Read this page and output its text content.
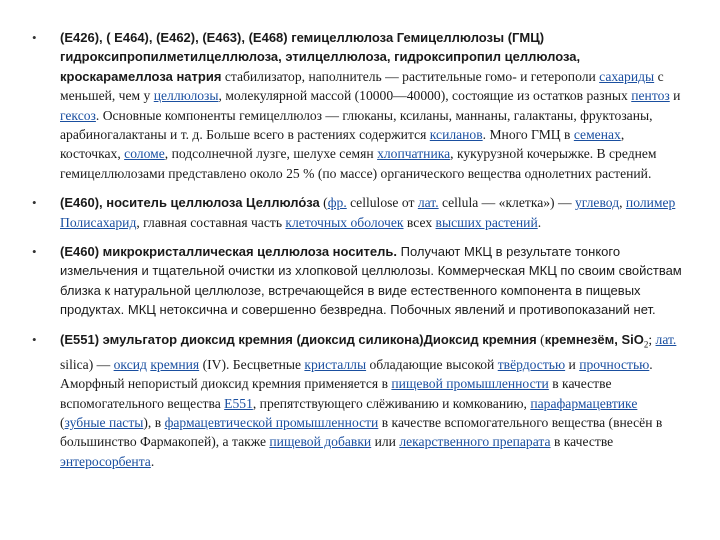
• (E426), ( E464), (E462), (E463), (E468) гемицеллюлоза Гемицеллюлозы (ГМЦ) гидроксипропилметилцеллюлоза, этилцеллюлоза, гидроксипропил целлюлоза, кроскарамеллоза натрия стабилизатор, наполнитель — растительные гомо- и гетерополи сахариды с меньшей, чем у целлюлозы, молекулярной массой (10000—40000), состоящие из остатков разных пентоз и гексоз. Основные компоненты гемицеллюлоз — глюканы, ксиланы, маннаны, галактаны, фруктозаны, арабиногалактаны и т. д. Больше всего в растениях содержится ксиланов. Много ГМЦ в семенах, косточках, соломе, подсолнечной лузге, шелухе семян хлопчатника, кукурузной кочерыжке. В среднем гемицеллюлозами представлено около 25 % (по массе) органического вещества однолетних растений.
• (E460), носитель целлюлоза Целлюло́за (фр. cellulose от лат. cellula — «клетка») — углевод, полимер Полисахарид, главная составная часть клеточных оболочек всех высших растений.
• (E460) микрокристаллическая целлюлоза носитель. Получают МКЦ в результате тонкого измельчения и тщательной очистки из хлопковой целлюлозы. Коммерческая МКЦ по своим свойствам близка к натуральной целлюлозе, встречающейся в виде естественного компонента в пищевых продуктах. МКЦ нетоксична и совершенно безвредна. Побочных явлений и противопоказаний нет.
• (E551) эмульгатор диоксид кремния (диоксид силикона)Диоксид кремния (кремнезём, SiO$_2$; лат. silica) — оксид кремния (IV). Бесцветные кристаллы обладающие высокой твёрдостью и прочностью. Аморфный непористый диоксид кремния применяется в пищевой промышленности в качестве вспомогательного вещества E551, препятствующего слёживанию и комкованию, парафармацевтике (зубные пасты), в фармацевтической промышленности в качестве вспомогательного вещества (внесён в большинство Фармакопей), а также пищевой добавки или лекарственного препарата в качестве энтеросорбента.
